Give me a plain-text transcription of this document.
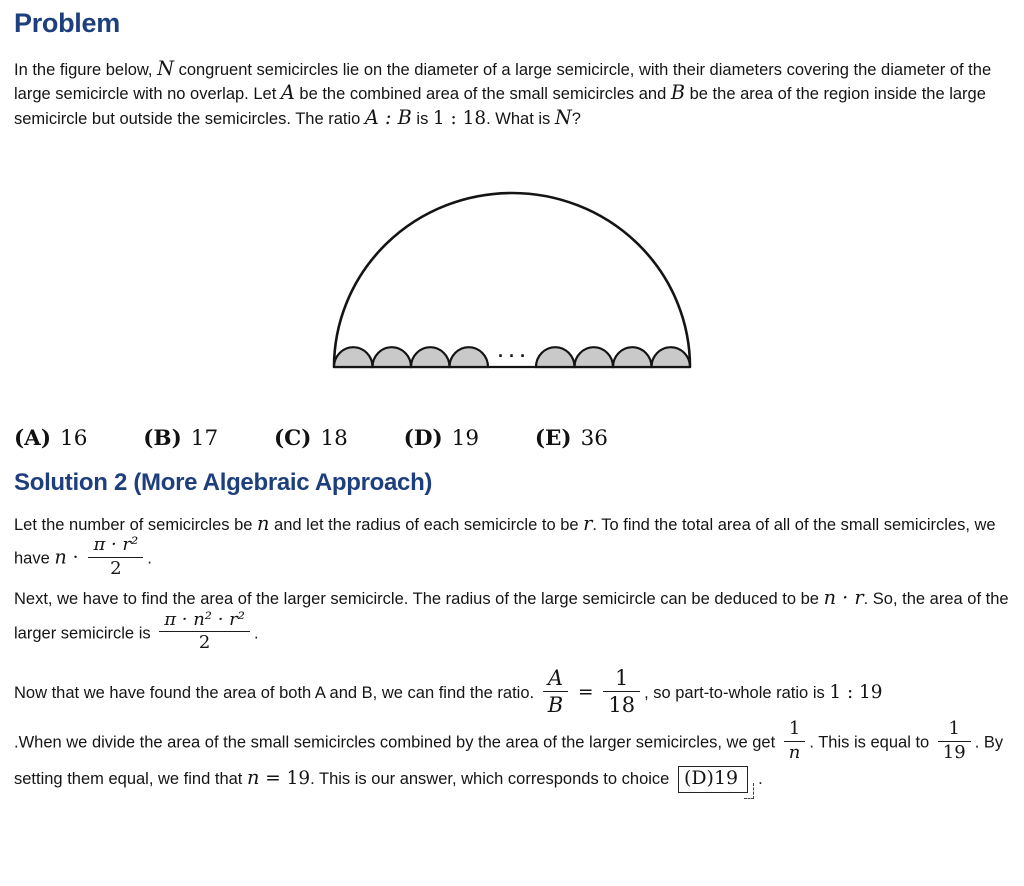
Problem

In the figure below, N congruent semicircles lie on the diameter of a large semicircle, with their diameters covering the diameter of the large semicircle with no overlap. Let A be the combined area of the small semicircles and B be the area of the region inside the large semicircle but outside the semicircles. The ratio A : B is 1 : 18. What is N?

· · ·
(A) 16	(B) 17	(C) 18	(D) 19	(E) 36
Solution 2 (More Algebraic Approach)

Let the number of semicircles be n and let the radius of each semicircle to be r. To find the total area of all of the small semicircles, we have $n \cdot \frac{\text{π · r²}}{2}$ .

Next, we have to find the area of the larger semicircle. The radius of the large semicircle can be deduced to be n · r. So, the area of the larger semicircle is $\frac{\text{π · n² · r²}}{2}$ .

Now that we have found the area of both A and B, we can find the ratio. $\frac{A}{B} = \frac{1}{18}$ , so part-to-whole ratio is 1 : 19

.When we divide the area of the small semicircles combined by the area of the larger semicircles, we get $\frac{1}{n}$ . This is equal to $\frac{1}{19}$ . By setting them equal, we find that n = 19. This is our answer, which corresponds to choice (D)19 .
